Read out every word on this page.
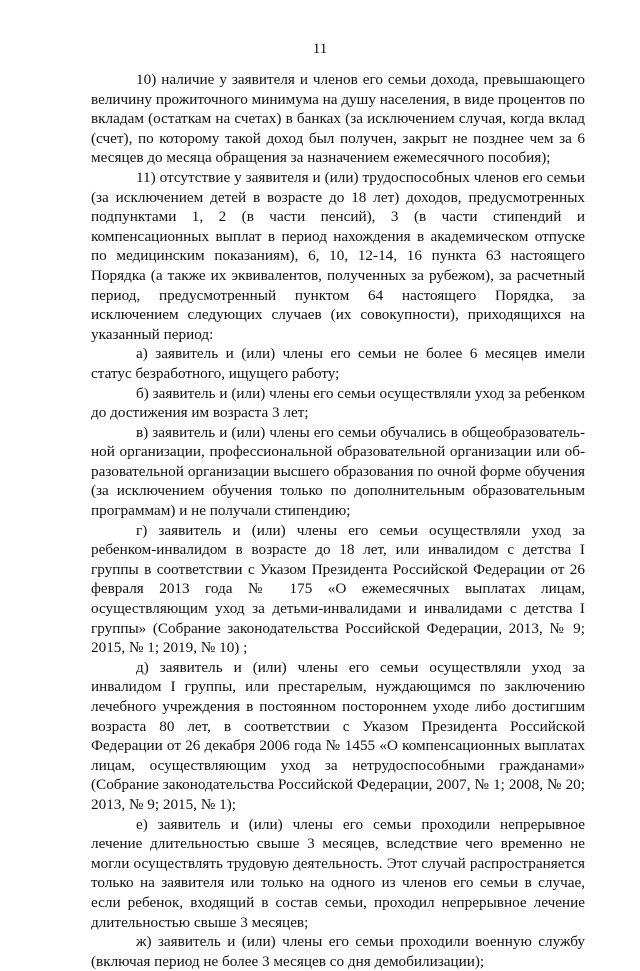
11

10) наличие у заявителя и членов его семьи дохода, превышающего величину прожиточного минимума на душу населения, в виде процентов по вкладам (остаткам на счетах) в банках (за исключением случая, когда вклад (счет), по которому такой доход был получен, закрыт не позднее чем за 6 месяцев до месяца обращения за назначением ежемесячного пособия);

11) отсутствие у заявителя и (или) трудоспособных членов его семьи (за исключением детей в возрасте до 18 лет) доходов, предусмотренных подпунктами 1, 2 (в части пенсий), 3 (в части стипендий и компенсационных выплат в период нахождения в академическом отпуске по медицинским показаниям), 6, 10, 12-14, 16 пункта 63 настоящего Порядка (а также их эквивалентов, полученных за рубежом), за расчетный период, предусмотренный пунктом 64 настоящего Порядка, за исключением следующих случаев (их совокупности), приходящихся на указанный период:

а) заявитель и (или) члены его семьи не более 6 месяцев имели статус безработного, ищущего работу;

б) заявитель и (или) члены его семьи осуществляли уход за ребенком до достижения им возраста 3 лет;

в) заявитель и (или) члены его семьи обучались в общеобразовательной организации, профессиональной образовательной организации или образовательной организации высшего образования по очной форме обучения (за исключением обучения только по дополнительным образовательным программам) и не получали стипендию;

г) заявитель и (или) члены его семьи осуществляли уход за ребенком-инвалидом в возрасте до 18 лет, или инвалидом с детства I группы в соответствии с Указом Президента Российской Федерации от 26 февраля 2013 года № 175 «О ежемесячных выплатах лицам, осуществляющим уход за детьми-инвалидами и инвалидами с детства I группы» (Собрание законодательства Российской Федерации, 2013, № 9; 2015, № 1; 2019, № 10) ;

д) заявитель и (или) члены его семьи осуществляли уход за инвалидом I группы, или престарелым, нуждающимся по заключению лечебного учреждения в постоянном постороннем уходе либо достигшим возраста 80 лет, в соответствии с Указом Президента Российской Федерации от 26 декабря 2006 года № 1455 «О компенсационных выплатах лицам, осуществляющим уход за нетрудоспособными гражданами» (Собрание законодательства Российской Федерации, 2007, № 1; 2008, № 20; 2013, № 9; 2015, № 1);

е) заявитель и (или) члены его семьи проходили непрерывное лечение длительностью свыше 3 месяцев, вследствие чего временно не могли осуществлять трудовую деятельность. Этот случай распространяется только на заявителя или только на одного из членов его семьи в случае, если ребенок, входящий в состав семьи, проходил непрерывное лечение длительностью свыше 3 месяцев;

ж) заявитель и (или) члены его семьи проходили военную службу (включая период не более 3 месяцев со дня демобилизации);
